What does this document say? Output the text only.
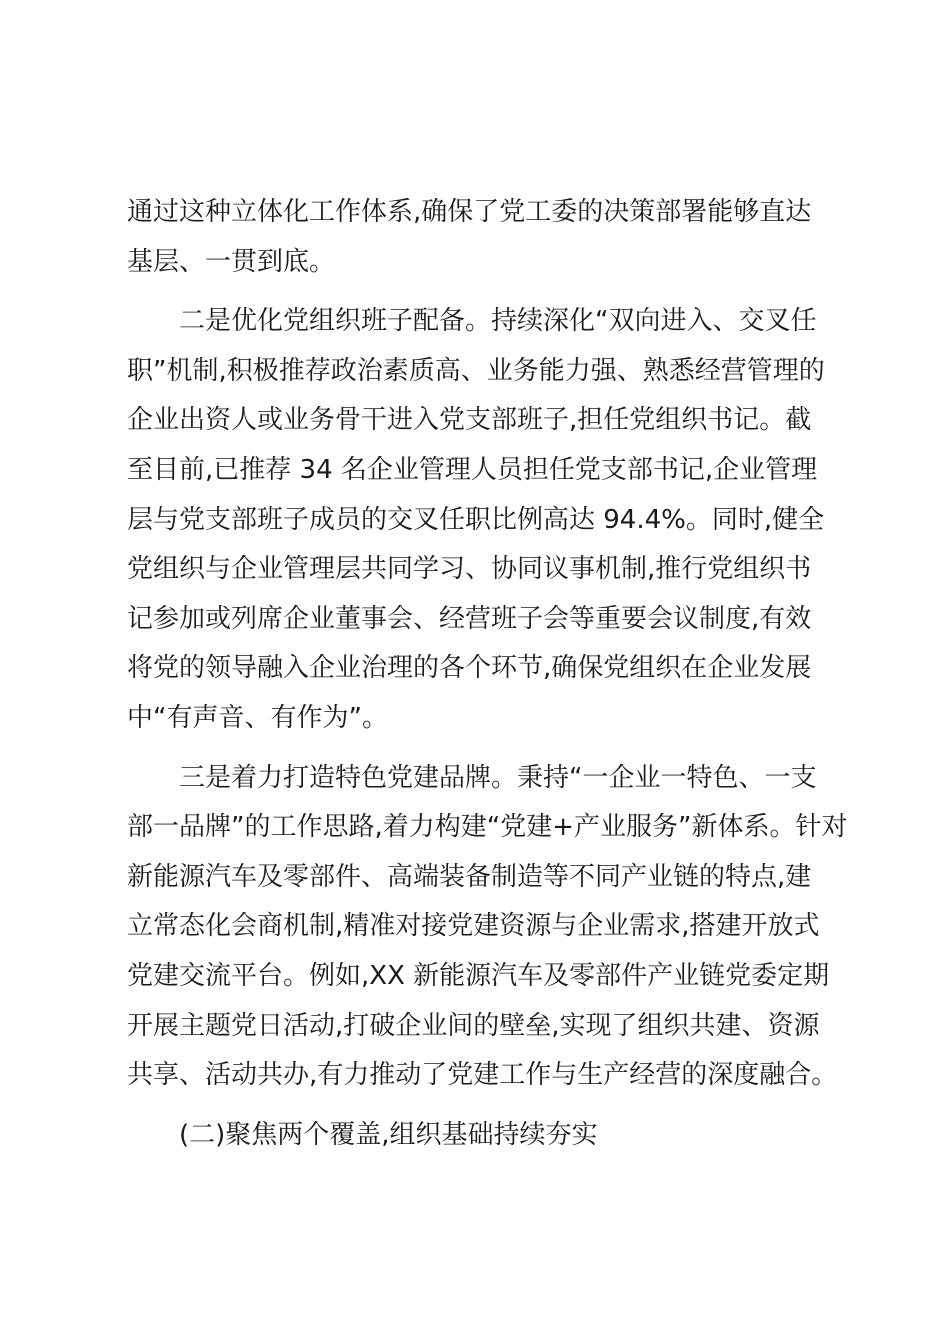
通过这种立体化工作体系,确保了党工委的决策部署能够直达
基层、一贯到底。

二是优化党组织班子配备。持续深化“双向进入、交叉任
职”机制,积极推荐政治素质高、业务能力强、熟悉经营管理的
企业出资人或业务骨干进入党支部班子,担任党组织书记。截
至目前,已推荐 34 名企业管理人员担任党支部书记,企业管理
层与党支部班子成员的交叉任职比例高达 94.4%。同时,健全
党组织与企业管理层共同学习、协同议事机制,推行党组织书
记参加或列席企业董事会、经营班子会等重要会议制度,有效
将党的领导融入企业治理的各个环节,确保党组织在企业发展
中“有声音、有作为”。

三是着力打造特色党建品牌。秉持“一企业一特色、一支
部一品牌”的工作思路,着力构建“党建+产业服务”新体系。针对
新能源汽车及零部件、高端装备制造等不同产业链的特点,建
立常态化会商机制,精准对接党建资源与企业需求,搭建开放式
党建交流平台。例如,XX 新能源汽车及零部件产业链党委定期
开展主题党日活动,打破企业间的壁垒,实现了组织共建、资源
共享、活动共办,有力推动了党建工作与生产经营的深度融合。

(二)聚焦两个覆盖,组织基础持续夯实
